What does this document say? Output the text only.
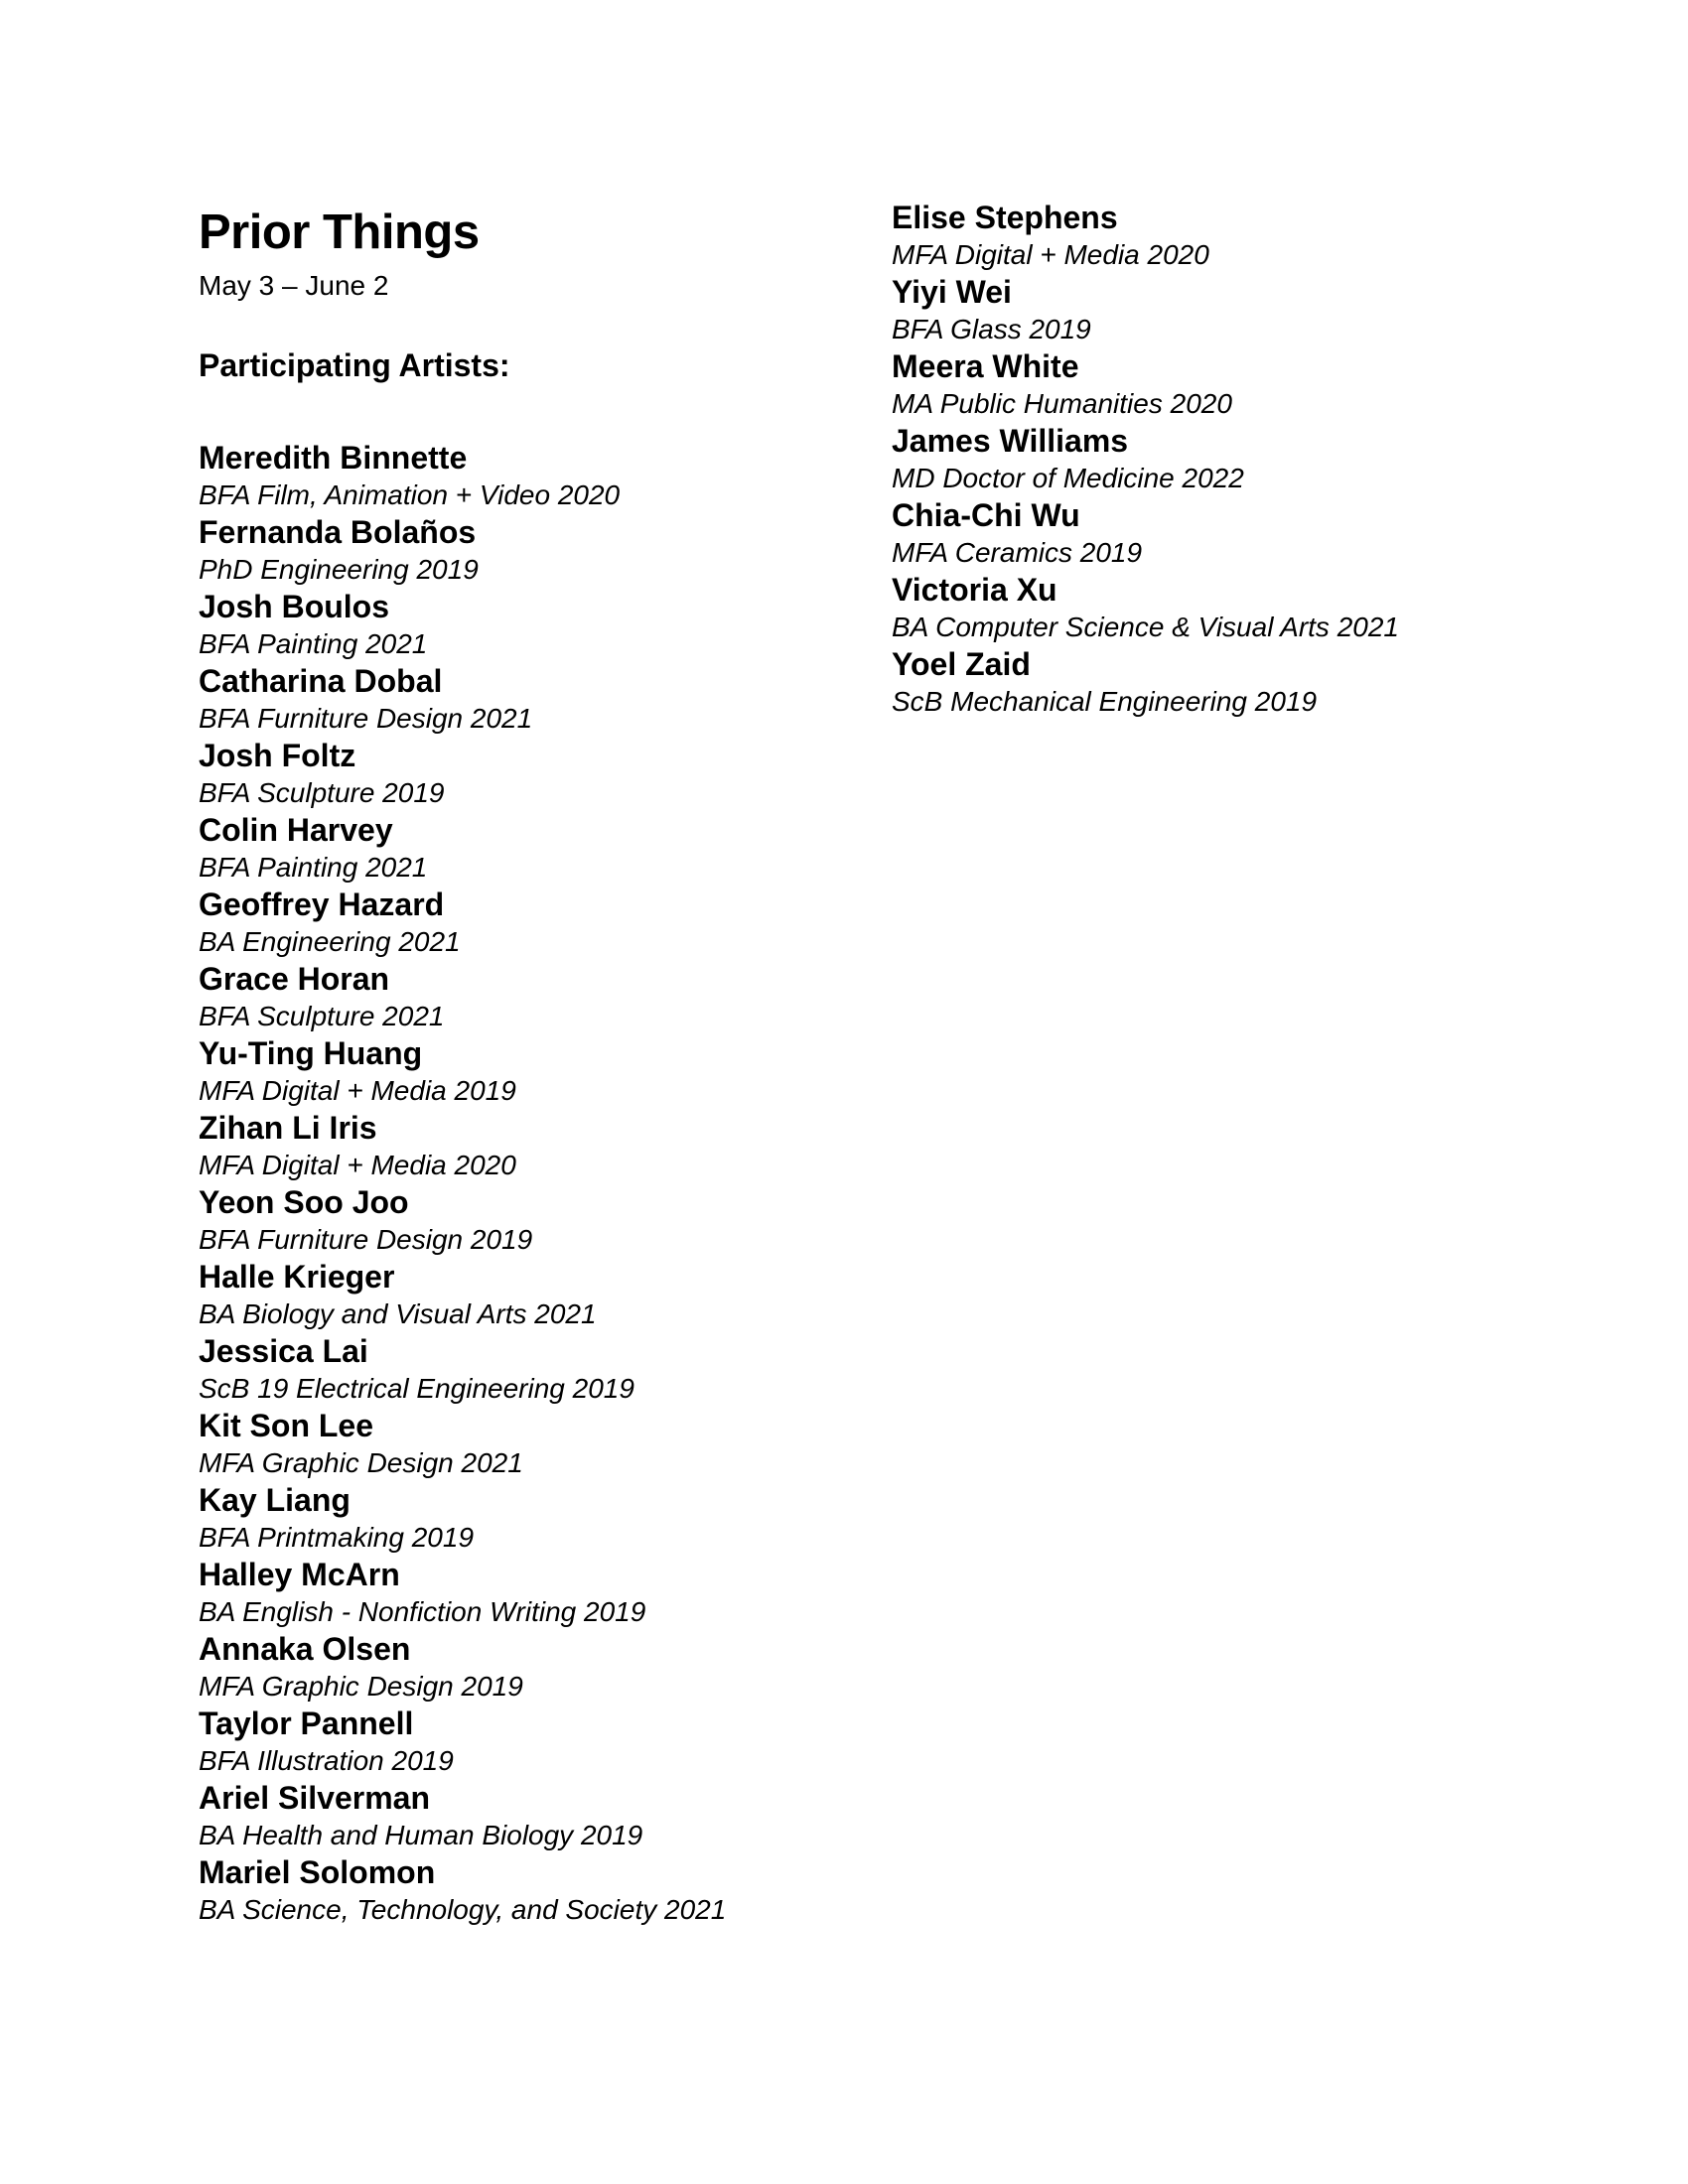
Prior Things

May 3 – June 2

Participating Artists:

Meredith Binnette
BFA Film, Animation + Video 2020
Fernanda Bolaños
PhD Engineering 2019
Josh Boulos
BFA Painting 2021
Catharina Dobal
BFA Furniture Design 2021
Josh Foltz
BFA Sculpture 2019
Colin Harvey
BFA Painting 2021
Geoffrey Hazard
BA Engineering 2021
Grace Horan
BFA Sculpture 2021
Yu-Ting Huang
MFA Digital + Media 2019
Zihan Li Iris
MFA Digital + Media 2020
Yeon Soo Joo
BFA Furniture Design 2019
Halle Krieger
BA Biology and Visual Arts 2021
Jessica Lai
ScB 19 Electrical Engineering 2019
Kit Son Lee
MFA Graphic Design 2021
Kay Liang
BFA Printmaking 2019
Halley McArn
BA English - Nonfiction Writing 2019
Annaka Olsen
MFA Graphic Design 2019
Taylor Pannell
BFA Illustration 2019
Ariel Silverman
BA Health and Human Biology 2019
Mariel Solomon
BA Science, Technology, and Society 2021
Elise Stephens
MFA Digital + Media 2020
Yiyi Wei
BFA Glass 2019
Meera White
MA Public Humanities 2020
James Williams
MD Doctor of Medicine 2022
Chia-Chi Wu
MFA Ceramics 2019
Victoria Xu
BA Computer Science & Visual Arts 2021
Yoel Zaid
ScB Mechanical Engineering 2019
